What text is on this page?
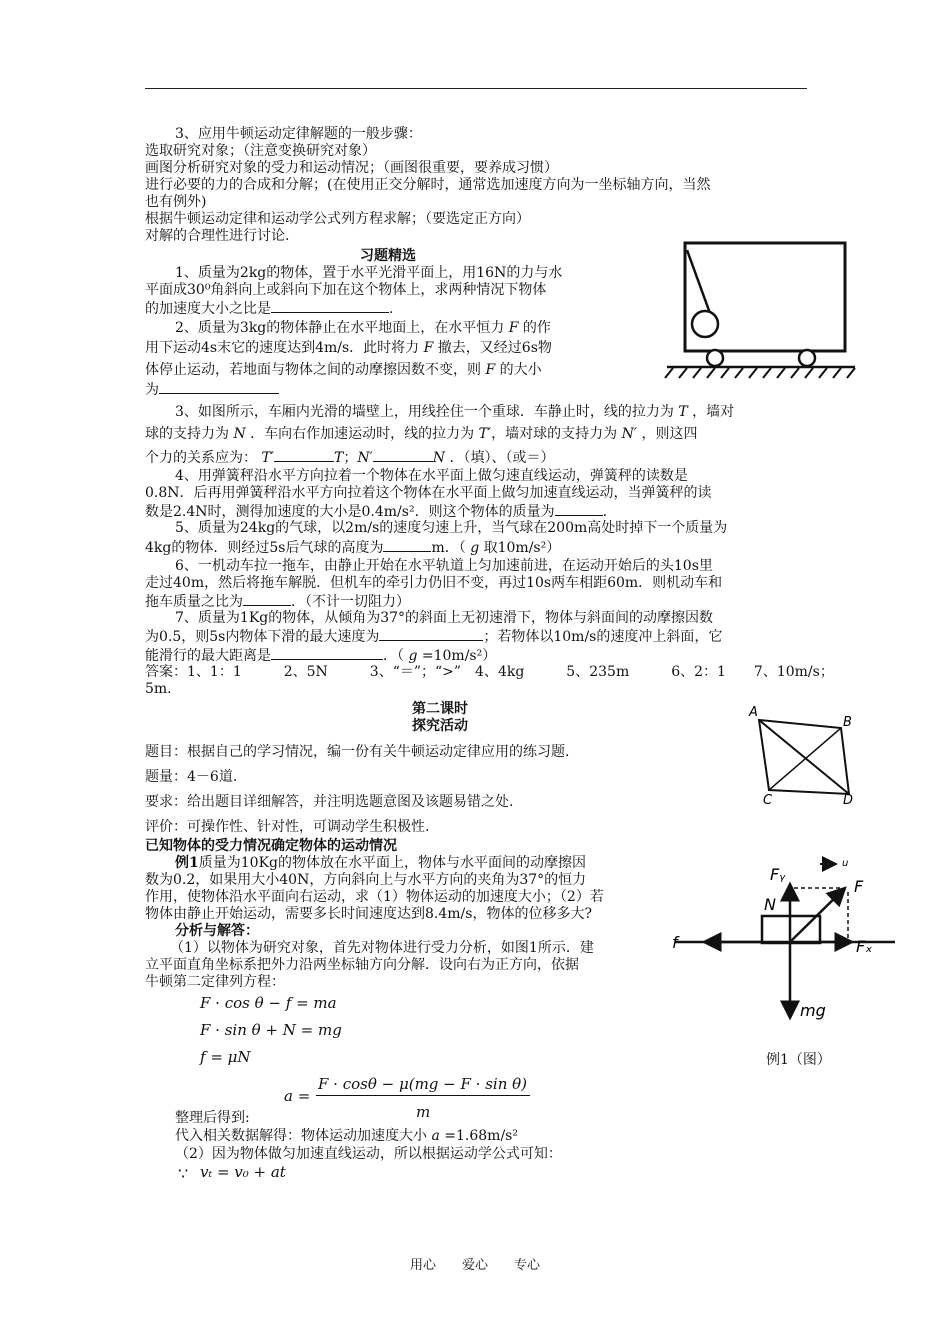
3、应用牛顿运动定律解题的一般步骤：
选取研究对象；（注意变换研究对象）
画图分析研究对象的受力和运动情况；（画图很重要，要养成习惯）
进行必要的力的合成和分解；(在使用正交分解时，通常选加速度方向为一坐标轴方向，当然
也有例外)
根据牛顿运动定律和运动学公式列方程求解；（要选定正方向）
对解的合理性进行讨论.
习题精选
1、质量为2kg的物体，置于水平光滑平面上，用16N的力与水
平面成30⁰角斜向上或斜向下加在这个物体上，求两种情况下物体
的加速度大小之比是	.
2、质量为3kg的物体静止在水平地面上，在水平恒力 F 的作
用下运动4s末它的速度达到4m/s．此时将力 F 撤去，又经过6s物
体停止运动，若地面与物体之间的动摩擦因数不变，则 F 的大小
为
3、如图所示，车厢内光滑的墙壁上，用线拴住一个重球．车静止时，线的拉力为 T ，墙对
球的支持力为 N ．车向右作加速运动时，线的拉力为 T′，墙对球的支持力为 N′ ，则这四
个力的关系应为： T′	T；N′	N ．（填）、（或＝）
4、用弹簧秤沿水平方向拉着一个物体在水平面上做匀速直线运动，弹簧秤的读数是
0.8N．后再用弹簧秤沿水平方向拉着这个物体在水平面上做匀加速直线运动，当弹簧秤的读
数是2.4N时，测得加速度的大小是0.4m/s²．则这个物体的质量为	.
5、质量为24kg的气球，以2m/s的速度匀速上升，当气球在200m高处时掉下一个质量为
4kg的物体．则经过5s后气球的高度为	m．（ g 取10m/s²）
6、一机动车拉一拖车，由静止开始在水平轨道上匀加速前进，在运动开始后的头10s里
走过40m，然后将拖车解脱．但机车的牵引力仍旧不变，再过10s两车相距60m．则机动车和
拖车质量之比为	．（不计一切阻力）
7、质量为1Kg的物体，从倾角为37°的斜面上无初速滑下，物体与斜面间的动摩擦因数
为0.5，则5s内物体下滑的最大速度为	；若物体以10m/s的速度冲上斜面，它
能滑行的最大距离是	．（ g =10m/s²）
答案：1、1：1　　　2、5N　　　3、“＝”；“>”　4、4kg　　　5、235m　　　6、2：1　　7、10m/s；
5m.
第二课时
探究活动
题目：根据自己的学习情况，编一份有关牛顿运动定律应用的练习题.
题量：4－6道.
要求：给出题目详细解答，并注明选题意图及该题易错之处.
评价：可操作性、针对性，可调动学生积极性.
已知物体的受力情况确定物体的运动情况
例1质量为10Kg的物体放在水平面上，物体与水平面间的动摩擦因
数为0.2，如果用大小40N，方向斜向上与水平方向的夹角为37°的恒力
作用，使物体沿水平面向右运动，求（1）物体运动的加速度大小；（2）若
物体由静止开始运动，需要多长时间速度达到8.4m/s，物体的位移多大?
分析与解答：
（1）以物体为研究对象，首先对物体进行受力分析，如图1所示．建
立平面直角坐标系把外力沿两坐标轴方向分解．设向右为正方向，依据
牛顿第二定律列方程：
F · cos θ − f = ma
F · sin θ + N = mg
f = μN
a =
F · cosθ − μ(mg − F · sin θ)
m
整理后得到:
代入相关数据解得：物体运动加速度大小 a =1.68m/s²
（2）因为物体做匀加速直线运动，所以根据运动学公式可知：
∵ vₜ = v₀ + at
A
B
C	D
u
Fᵧ
F
N
f	Fₓ
mg
例1（图）
用心　　爱心　　专心
